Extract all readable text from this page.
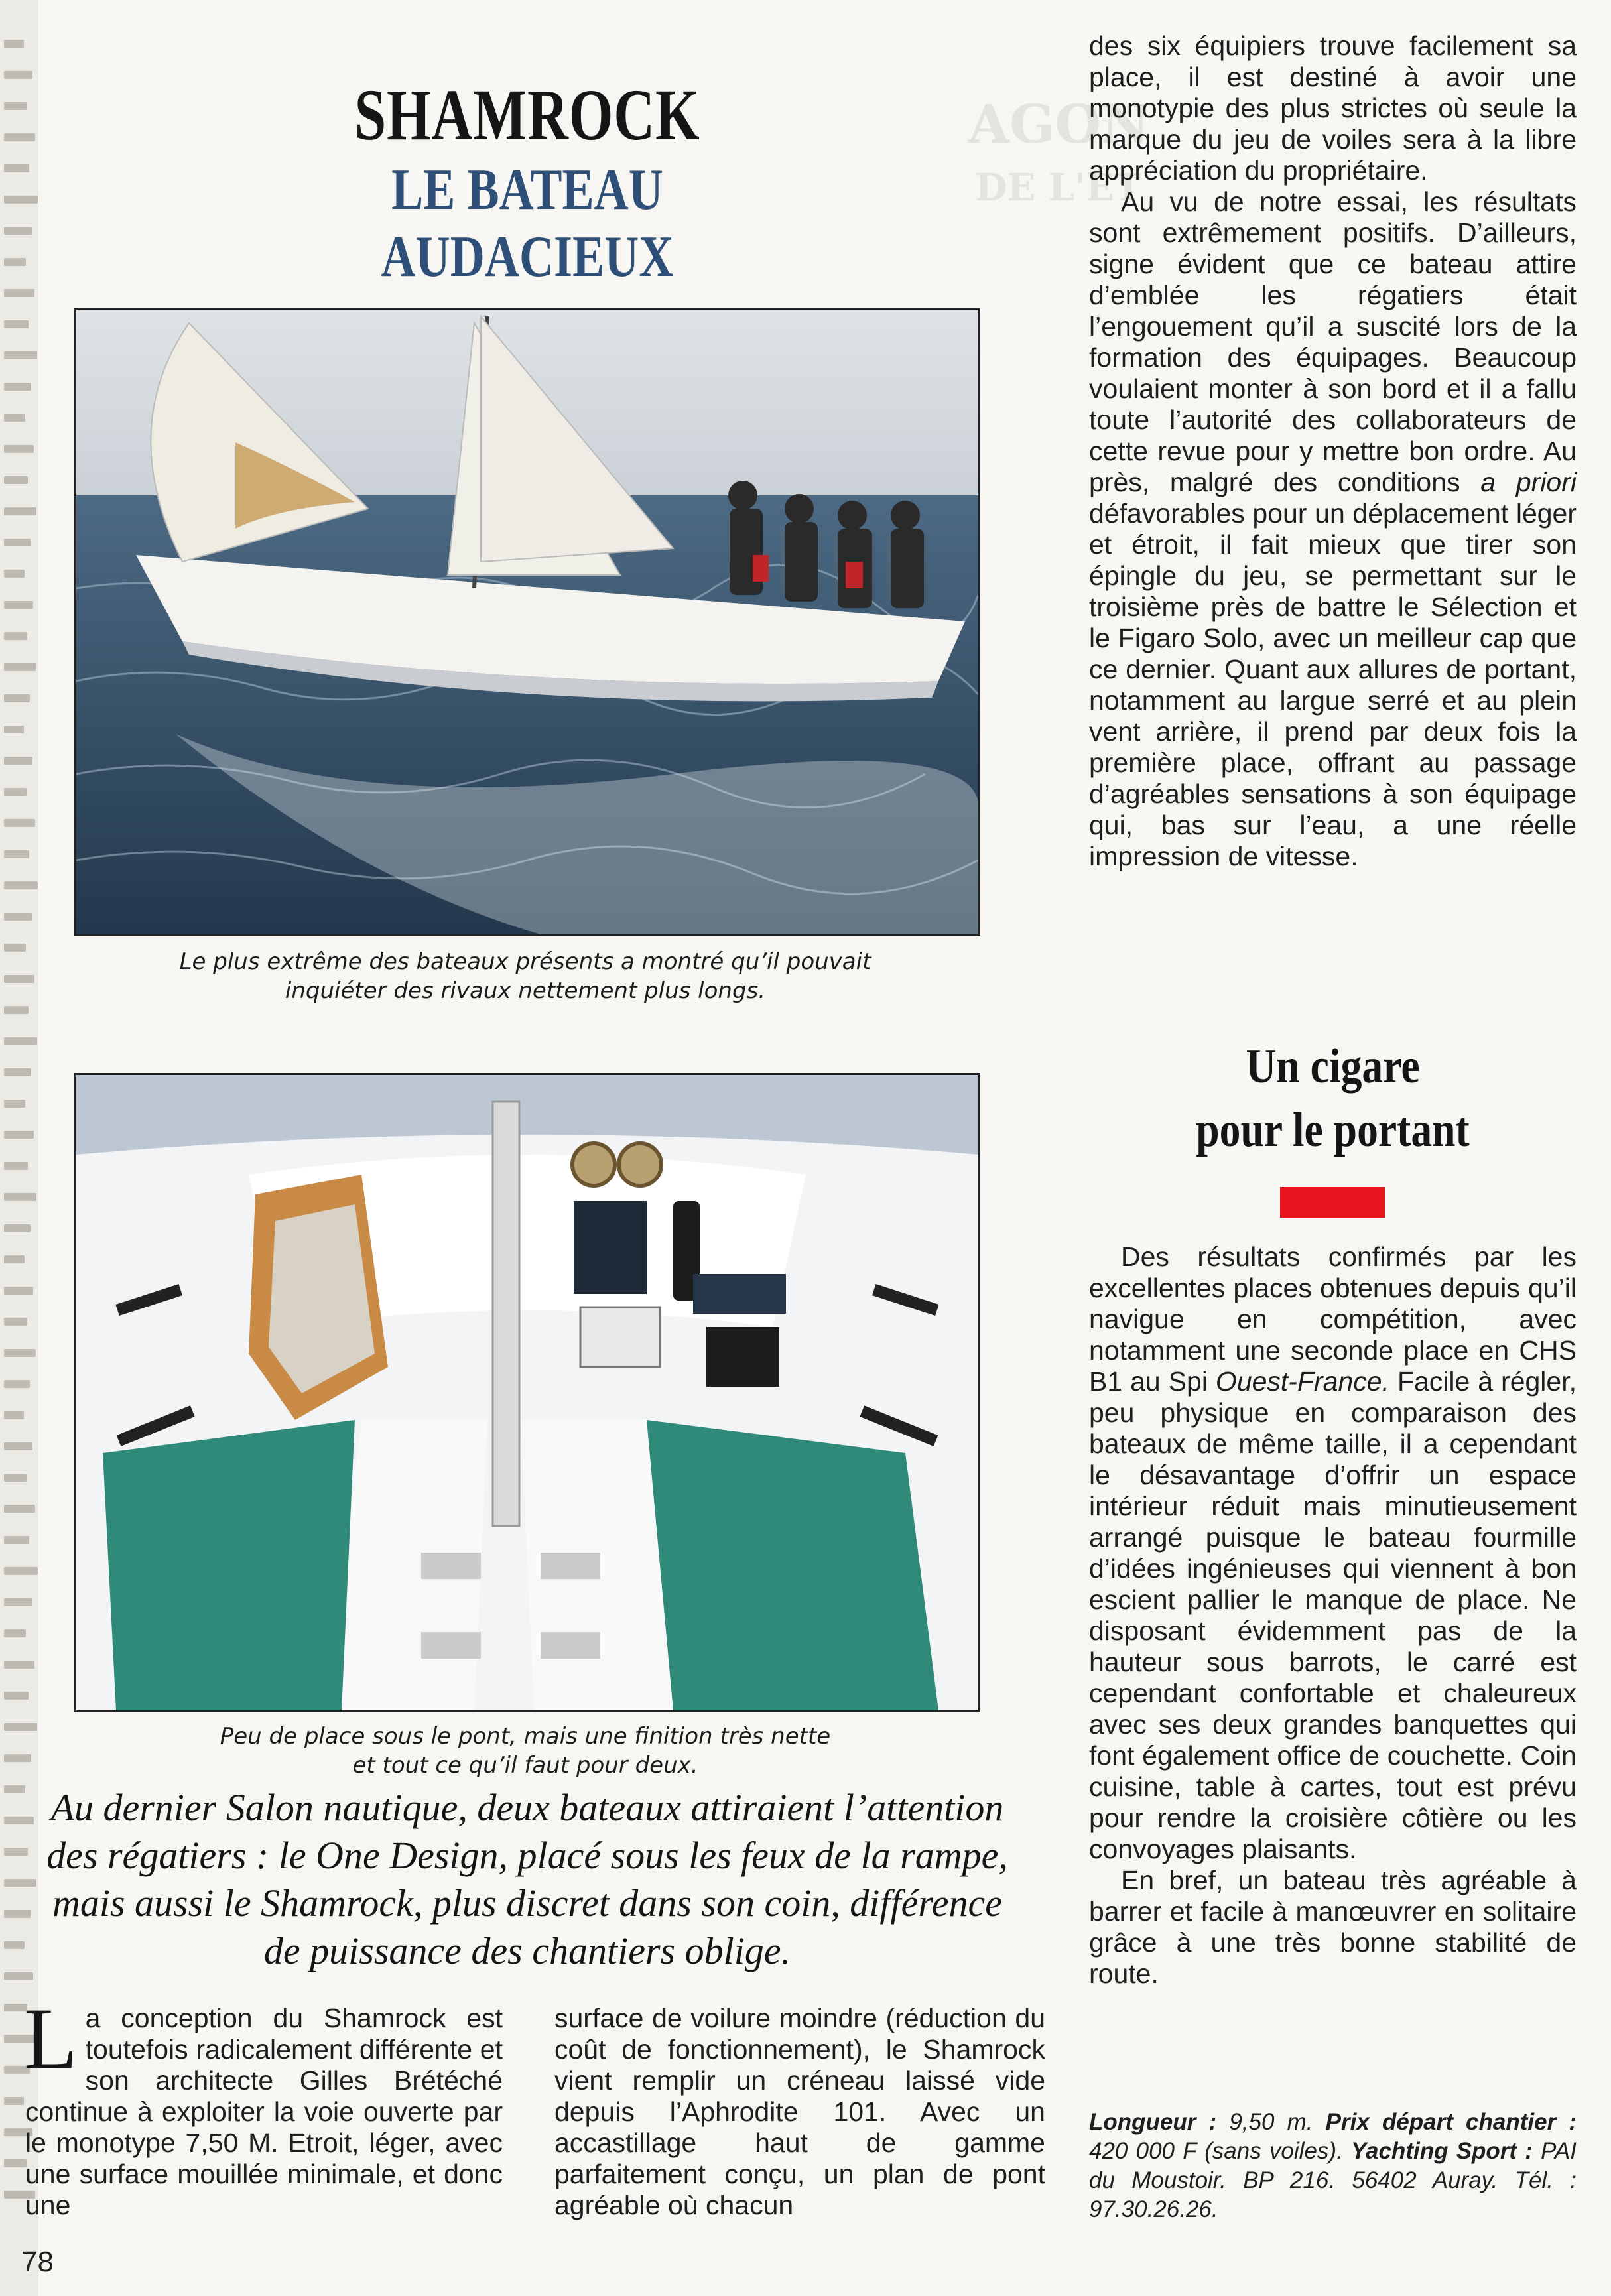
AGON
DE L'ÉT
SHAMROCK
LE BATEAU AUDACIEUX
Le plus extrême des bateaux présents a montré qu’il pouvait
inquiéter des rivaux nettement plus longs.
Peu de place sous le pont, mais une finition très nette
et tout ce qu’il faut pour deux.
Au dernier Salon nautique, deux bateaux attiraient l’attention
des régatiers : le One Design, placé sous les feux de la rampe,
mais aussi le Shamrock, plus discret dans son coin, différence
de puissance des chantiers oblige.

La conception du Shamrock est toutefois radicalement différente et son architecte Gilles Brétéché continue à exploiter la voie ouverte par le monotype 7,50 M. Etroit, léger, avec une surface mouillée minimale, et donc une

surface de voilure moindre (réduction du coût de fonctionnement), le Shamrock vient remplir un créneau laissé vide depuis l’Aphrodite 101. Avec un accastillage haut de gamme parfaitement conçu, un plan de pont agréable où chacun

des six équipiers trouve facilement sa place, il est destiné à avoir une monotypie des plus strictes où seule la marque du jeu de voiles sera à la libre appréciation du propriétaire.

Au vu de notre essai, les résultats sont extrêmement positifs. D’ailleurs, signe évident que ce bateau attire d’emblée les régatiers était l’engouement qu’il a suscité lors de la formation des équipages. Beaucoup voulaient monter à son bord et il a fallu toute l’autorité des collaborateurs de cette revue pour y mettre bon ordre. Au près, malgré des conditions a priori défavorables pour un déplacement léger et étroit, il fait mieux que tirer son épingle du jeu, se permettant sur le troisième près de battre le Sélection et le Figaro Solo, avec un meilleur cap que ce dernier. Quant aux allures de portant, notamment au largue serré et au plein vent arrière, il prend par deux fois la première place, offrant au passage d’agréables sensations à son équipage qui, bas sur l’eau, a une réelle impression de vitesse.

Un cigare
pour le portant

Des résultats confirmés par les excellentes places obtenues depuis qu’il navigue en compétition, avec notamment une seconde place en CHS B1 au Spi Ouest-France. Facile à régler, peu physique en comparaison des bateaux de même taille, il a cependant le désavantage d’offrir un espace intérieur réduit mais minutieusement arrangé puisque le bateau fourmille d’idées ingénieuses qui viennent à bon escient pallier le manque de place. Ne disposant évidemment pas de la hauteur sous barrots, le carré est cependant confortable et chaleureux avec ses deux grandes banquettes qui font également office de couchette. Coin cuisine, table à cartes, tout est prévu pour rendre la croisière côtière ou les convoyages plaisants.

En bref, un bateau très agréable à barrer et facile à manœuvrer en solitaire grâce à une très bonne stabilité de route.

Longueur : 9,50 m. Prix départ chantier : 420 000 F (sans voiles). Yachting Sport : PAI du Moustoir. BP 216. 56402 Auray. Tél. : 97.30.26.26.
78
